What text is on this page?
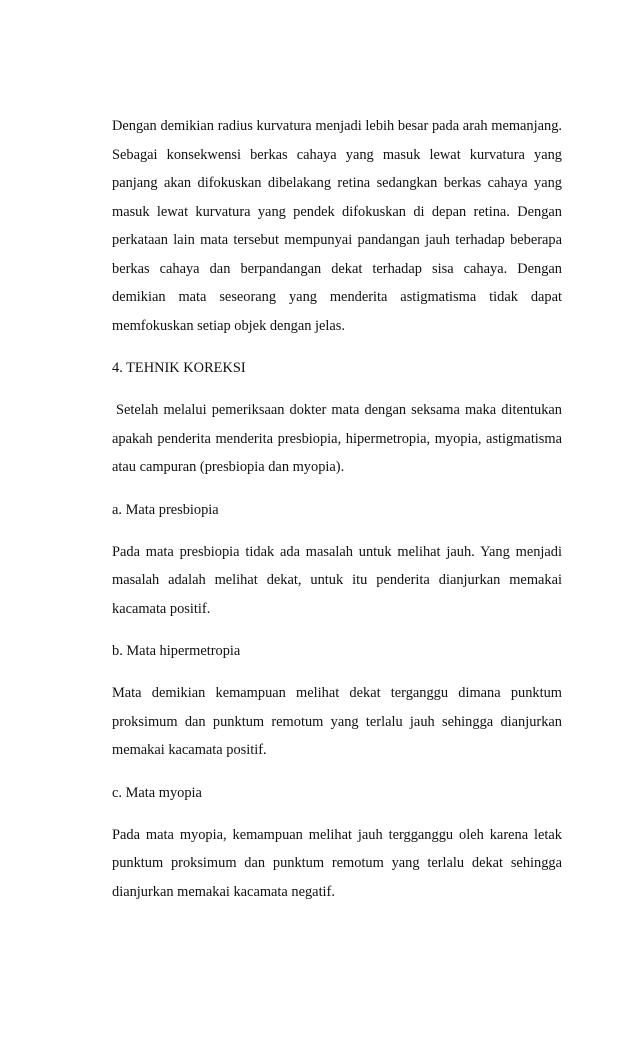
Dengan demikian radius kurvatura menjadi lebih besar pada arah memanjang. Sebagai konsekwensi berkas cahaya yang masuk lewat kurvatura yang panjang akan difokuskan dibelakang retina sedangkan berkas cahaya yang masuk lewat kurvatura yang pendek difokuskan di depan retina. Dengan perkataan lain mata tersebut mempunyai pandangan jauh terhadap beberapa berkas cahaya dan berpandangan dekat terhadap sisa cahaya. Dengan demikian mata seseorang yang menderita astigmatisma tidak dapat memfokuskan setiap objek dengan jelas.

4. TEHNIK KOREKSI

Setelah melalui pemeriksaan dokter mata dengan seksama maka ditentukan apakah penderita menderita presbiopia, hipermetropia, myopia, astigmatisma atau campuran (presbiopia dan myopia).

a. Mata presbiopia

Pada mata presbiopia tidak ada masalah untuk melihat jauh. Yang menjadi masalah adalah melihat dekat, untuk itu penderita dianjurkan memakai kacamata positif.

b. Mata hipermetropia

Mata demikian kemampuan melihat dekat terganggu dimana punktum proksimum dan punktum remotum yang terlalu jauh sehingga dianjurkan memakai kacamata positif.

c. Mata myopia

Pada mata myopia, kemampuan melihat jauh tergganggu oleh karena letak punktum proksimum dan punktum remotum yang terlalu dekat sehingga dianjurkan memakai kacamata negatif.
